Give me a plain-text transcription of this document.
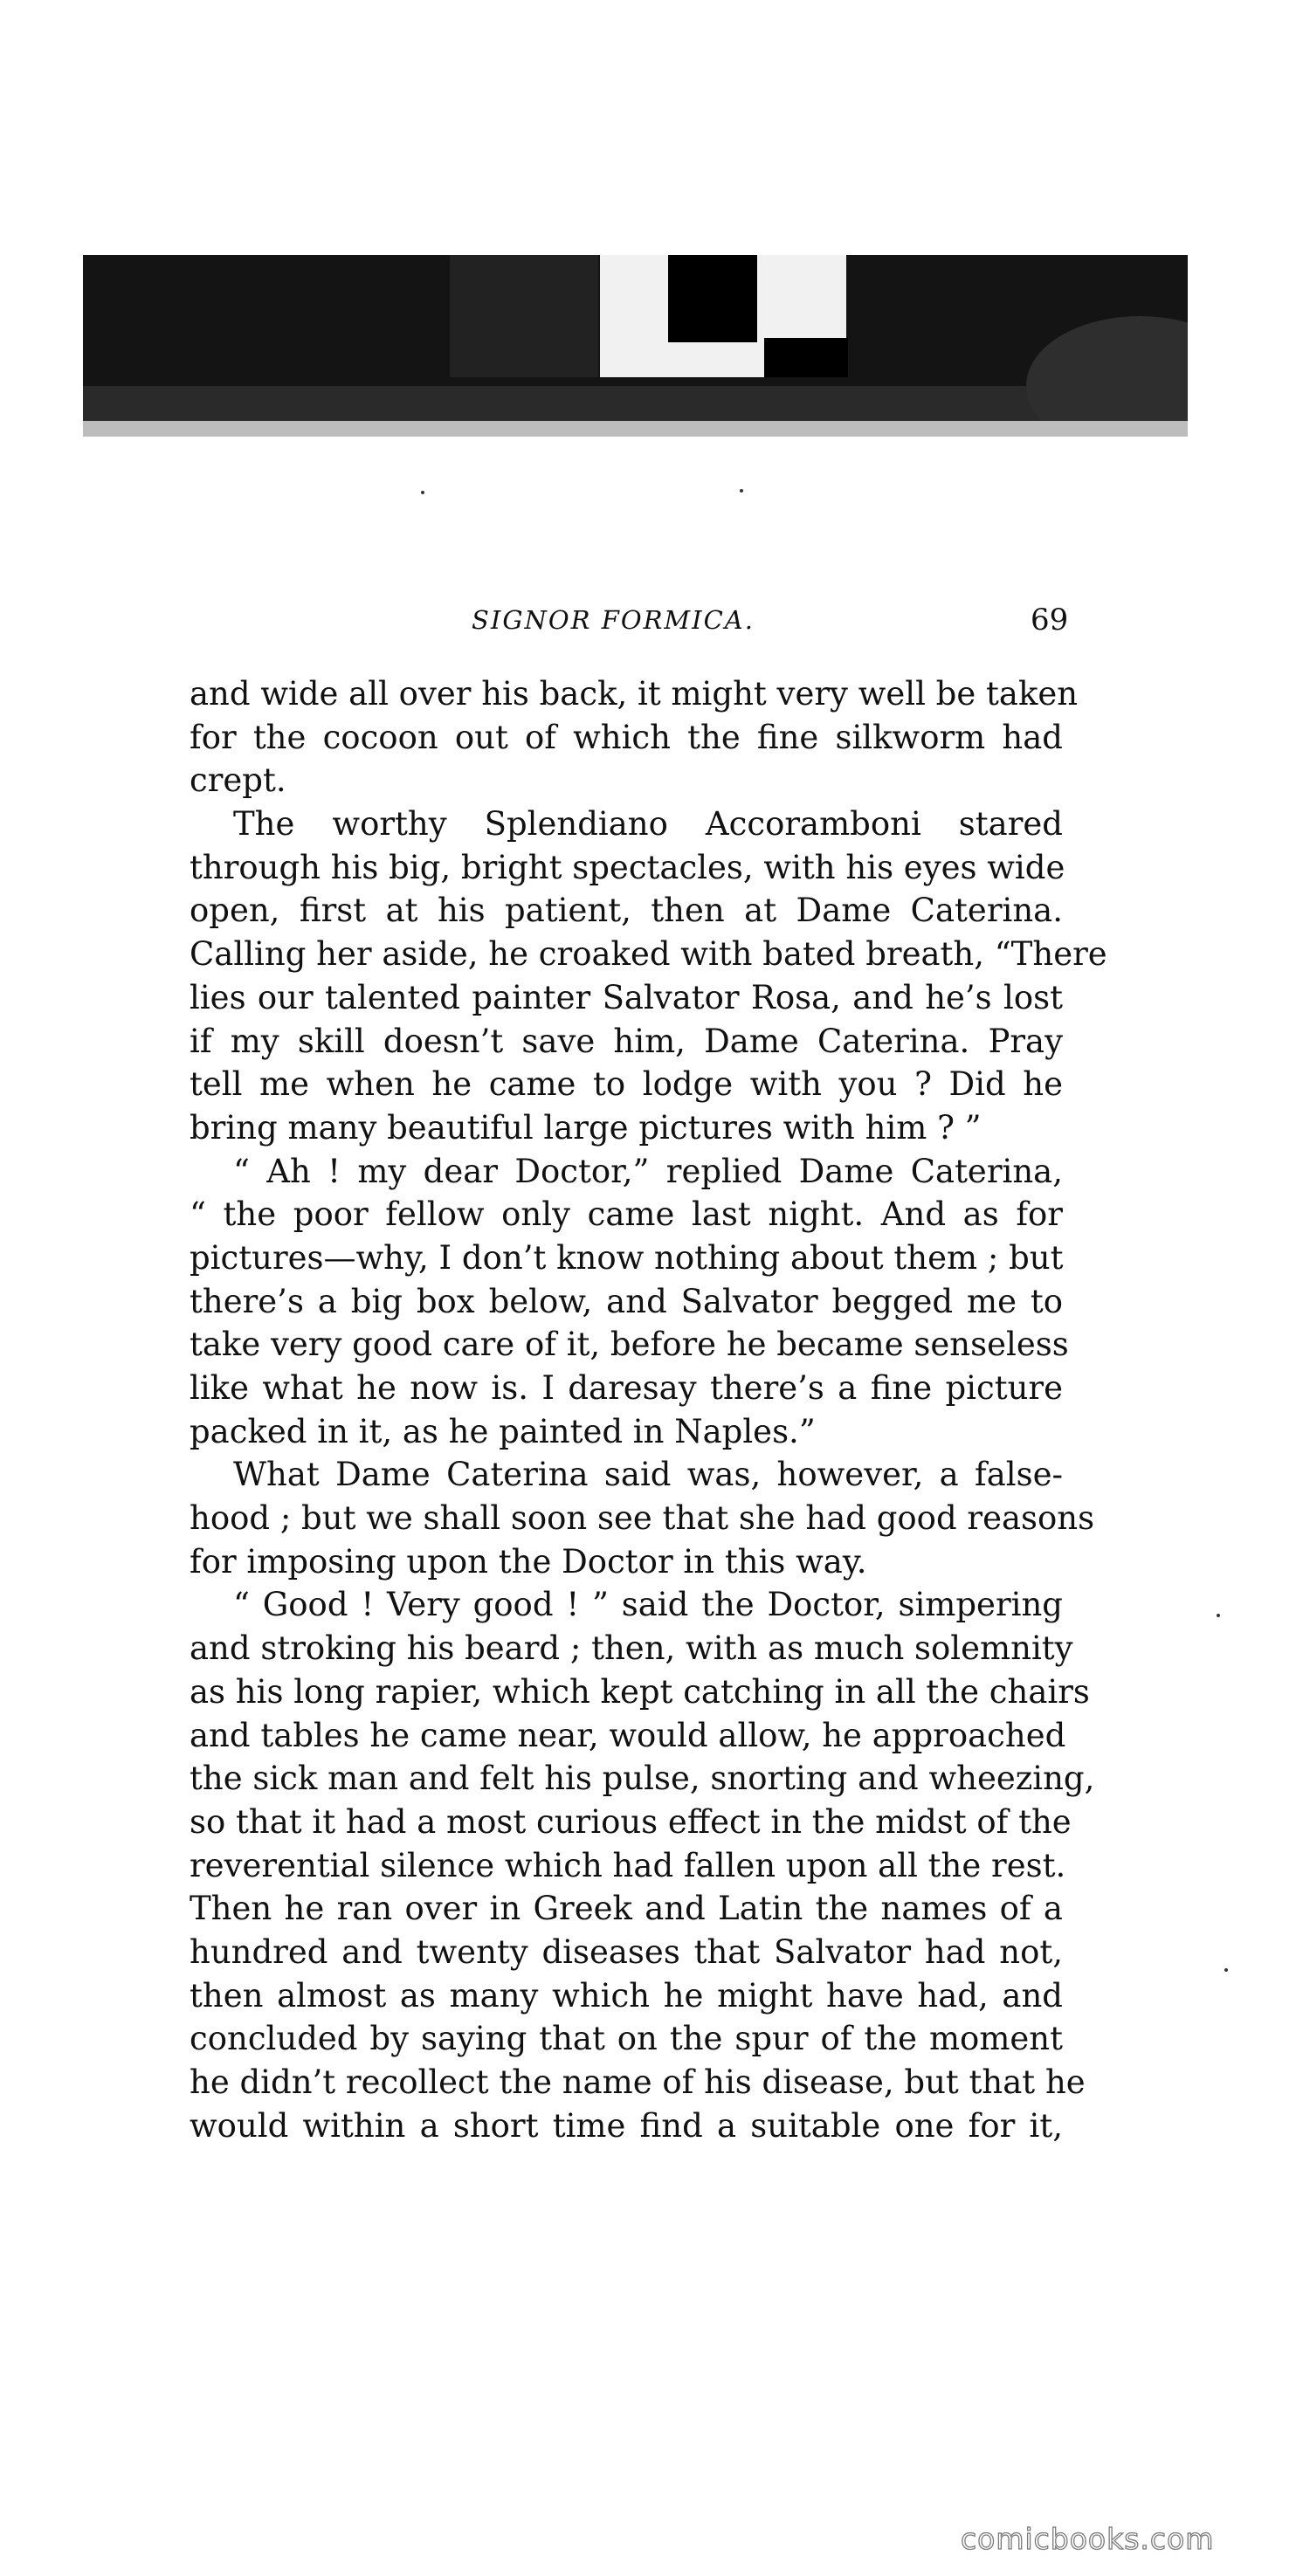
SIGNOR FORMICA.	69
and wide all over his back, it might very well be taken
for the cocoon out of which the fine silkworm had
crept.
The worthy Splendiano Accoramboni stared
through his big, bright spectacles, with his eyes wide
open, first at his patient, then at Dame Caterina.
Calling her aside, he croaked with bated breath, “There
lies our talented painter Salvator Rosa, and he’s lost
if my skill doesn’t save him, Dame Caterina. Pray
tell me when he came to lodge with you ? Did he
bring many beautiful large pictures with him ? ”
“ Ah ! my dear Doctor,” replied Dame Caterina,
“ the poor fellow only came last night. And as for
pictures—why, I don’t know nothing about them ; but
there’s a big box below, and Salvator begged me to
take very good care of it, before he became senseless
like what he now is. I daresay there’s a fine picture
packed in it, as he painted in Naples.”
What Dame Caterina said was, however, a false-
hood ; but we shall soon see that she had good reasons
for imposing upon the Doctor in this way.
“ Good ! Very good ! ” said the Doctor, simpering
and stroking his beard ; then, with as much solemnity
as his long rapier, which kept catching in all the chairs
and tables he came near, would allow, he approached
the sick man and felt his pulse, snorting and wheezing,
so that it had a most curious effect in the midst of the
reverential silence which had fallen upon all the rest.
Then he ran over in Greek and Latin the names of a
hundred and twenty diseases that Salvator had not,
then almost as many which he might have had, and
concluded by saying that on the spur of the moment
he didn’t recollect the name of his disease, but that he
would within a short time find a suitable one for it,
comicbooks.com
